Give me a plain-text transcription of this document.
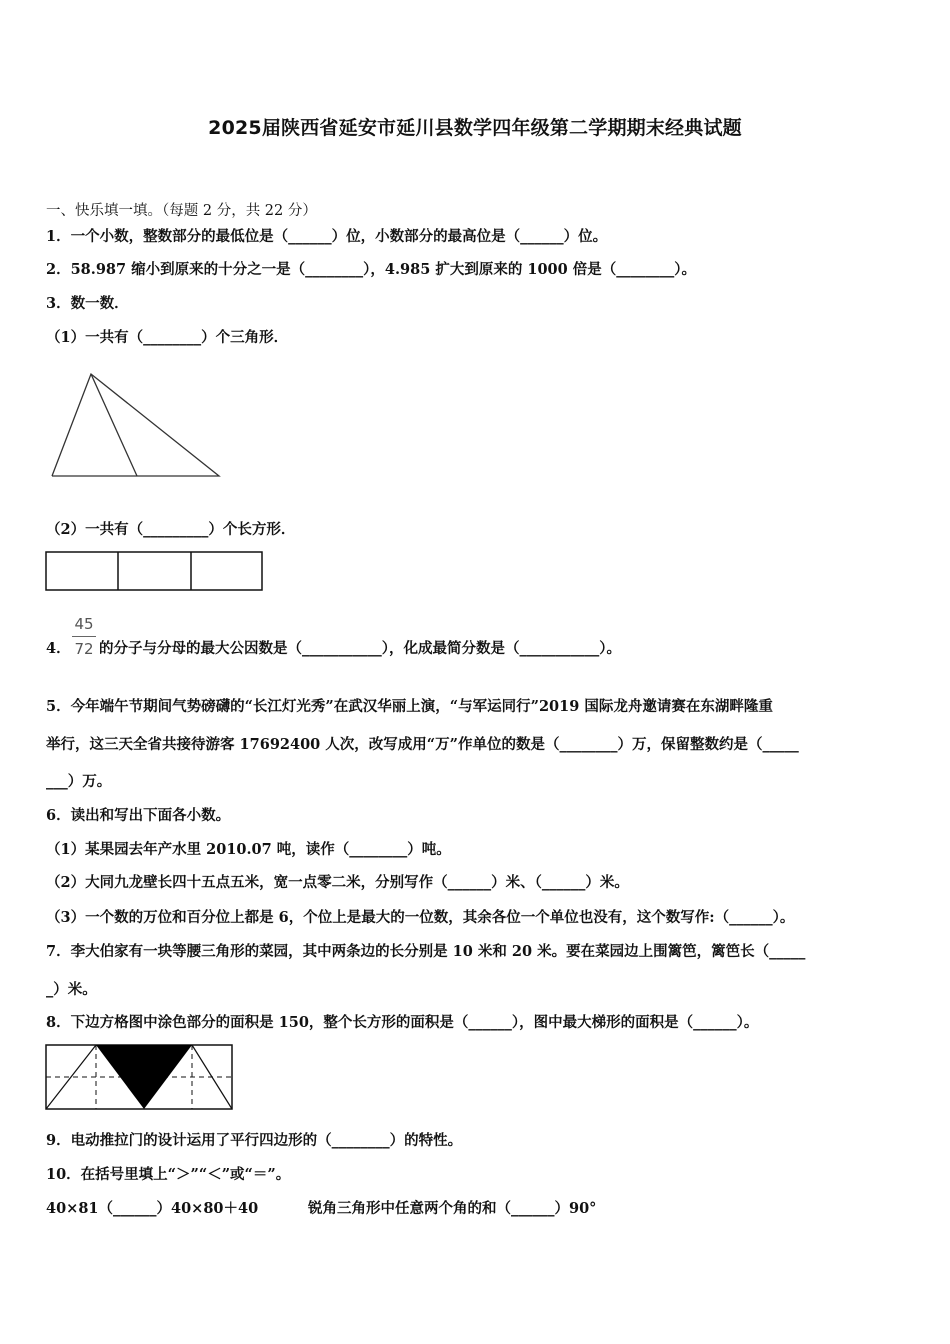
2025届陕西省延安市延川县数学四年级第二学期期末经典试题
一、快乐填一填。（每题 2 分，共 22 分）
1．一个小数，整数部分的最低位是（______）位，小数部分的最高位是（______）位。
2．58.987 缩小到原来的十分之一是（________），4.985 扩大到原来的 1000 倍是（________）。
3．数一数．
（1）一共有（________）个三角形．
（2）一共有（_________）个长方形．
4．
45
72 的分子与分母的最大公因数是（___________），化成最简分数是（___________）。
5．今年端午节期间气势磅礴的“长江灯光秀”在武汉华丽上演，“与军运同行”2019 国际龙舟邀请赛在东湖畔隆重
举行，这三天全省共接待游客 17692400 人次，改写成用“万”作单位的数是（________）万，保留整数约是（_____
___）万。
6．读出和写出下面各小数。
（1）某果园去年产水里 2010.07 吨，读作（________）吨。
（2）大同九龙壁长四十五点五米，宽一点零二米，分别写作（______）米、（______）米。
（3）一个数的万位和百分位上都是 6，个位上是最大的一位数，其余各位一个单位也没有，这个数写作:（______）。
7．李大伯家有一块等腰三角形的菜园，其中两条边的长分别是 10 米和 20 米。要在菜园边上围篱笆，篱笆长（_____
_）米。
8．下边方格图中涂色部分的面积是 150，整个长方形的面积是（______），图中最大梯形的面积是（______）。
9．电动推拉门的设计运用了平行四边形的（________）的特性。
10．在括号里填上“＞”“＜”或“＝”。
40×81（______）40×80＋40	锐角三角形中任意两个角的和（______）90°
